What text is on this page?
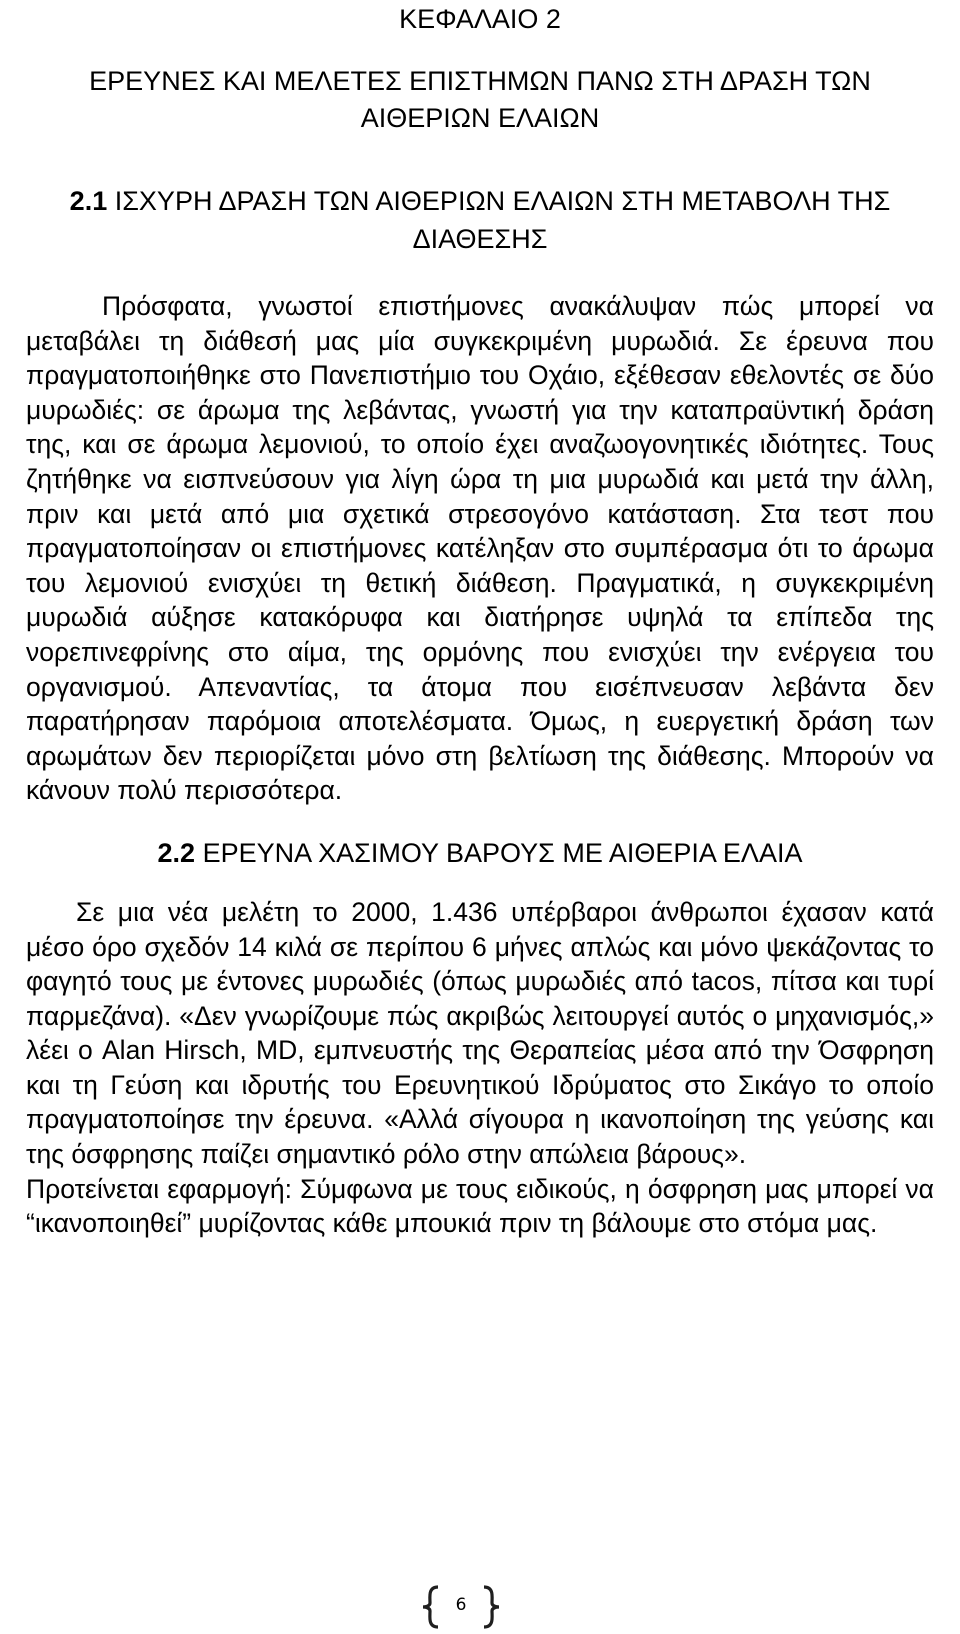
ΚΕΦΑΛΑΙΟ 2
ΕΡΕΥΝΕΣ ΚΑΙ ΜΕΛΕΤΕΣ ΕΠΙΣΤΗΜΩΝ ΠΑΝΩ ΣΤΗ ΔΡΑΣΗ ΤΩΝ ΑΙΘΕΡΙΩΝ ΕΛΑΙΩΝ
2.1 ΙΣΧΥΡΗ ΔΡΑΣΗ ΤΩΝ ΑΙΘΕΡΙΩΝ ΕΛΑΙΩΝ ΣΤΗ ΜΕΤΑΒΟΛΗ ΤΗΣ ΔΙΑΘΕΣΗΣ

Πρόσφατα, γνωστοί επιστήμονες ανακάλυψαν πώς μπορεί να μεταβάλει τη διάθεσή μας μία συγκεκριμένη μυρωδιά. Σε έρευνα που πραγματοποιήθηκε στο Πανεπιστήμιο του Οχάιο, εξέθεσαν εθελοντές σε δύο μυρωδιές: σε άρωμα της λεβάντας, γνωστή για την καταπραϋντική δράση της, και σε άρωμα λεμονιού, το οποίο έχει αναζωογονητικές ιδιότητες. Τους ζητήθηκε να εισπνεύσουν για λίγη ώρα τη μια μυρωδιά και μετά την άλλη, πριν και μετά από μια σχετικά στρεσογόνο κατάσταση. Στα τεστ που πραγματοποίησαν οι επιστήμονες κατέληξαν στο συμπέρασμα ότι το άρωμα του λεμονιού ενισχύει τη θετική διάθεση. Πραγματικά, η συγκεκριμένη μυρωδιά αύξησε κατακόρυφα και διατήρησε υψηλά τα επίπεδα της νορεπινεφρίνης στο αίμα, της ορμόνης που ενισχύει την ενέργεια του οργανισμού. Απεναντίας, τα άτομα που εισέπνευσαν λεβάντα δεν παρατήρησαν παρόμοια αποτελέσματα. Όμως, η ευεργετική δράση των αρωμάτων δεν περιορίζεται μόνο στη βελτίωση της διάθεσης. Μπορούν να κάνουν πολύ περισσότερα.

2.2 ΕΡΕΥΝΑ ΧΑΣΙΜΟΥ ΒΑΡΟΥΣ ΜΕ ΑΙΘΕΡΙΑ ΕΛΑΙΑ

Σε μια νέα μελέτη το 2000, 1.436 υπέρβαροι άνθρωποι έχασαν κατά μέσο όρο σχεδόν 14 κιλά σε περίπου 6 μήνες απλώς και μόνο ψεκάζοντας το φαγητό τους με έντονες μυρωδιές (όπως μυρωδιές από tacos, πίτσα και τυρί παρμεζάνα). «Δεν γνωρίζουμε πώς ακριβώς λειτουργεί αυτός ο μηχανισμός,» λέει ο Alan Hirsch, MD, εμπνευστής της Θεραπείας μέσα από την Όσφρηση και τη Γεύση και ιδρυτής του Ερευνητικού Ιδρύματος στο Σικάγο το οποίο πραγματοποίησε την έρευνα. «Αλλά σίγουρα η ικανοποίηση της γεύσης και της όσφρησης παίζει σημαντικό ρόλο στην απώλεια βάρους».

Προτείνεται εφαρμογή: Σύμφωνα με τους ειδικούς, η όσφρηση μας μπορεί να “ικανοποιηθεί” μυρίζοντας κάθε μπουκιά πριν τη βάλουμε στο στόμα μας.

6
